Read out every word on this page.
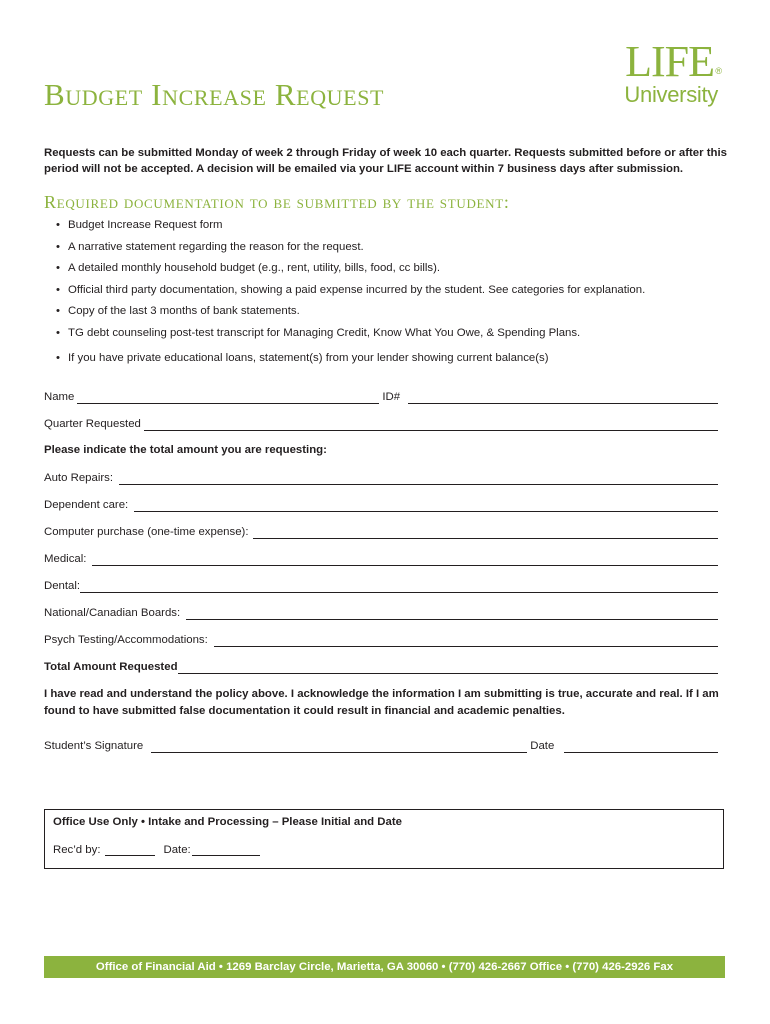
Budget Increase Request
LIFE ®
University

Requests can be submitted Monday of week 2 through Friday of week 10 each quarter. Requests submitted before or after this period will not be accepted. A decision will be emailed via your LIFE account within 7 business days after submission.

Required documentation to be submitted by the student:
• Budget Increase Request form
• A narrative statement regarding the reason for the request.
• A detailed monthly household budget (e.g., rent, utility, bills, food, cc bills).
• Official third party documentation, showing a paid expense incurred by the student. See categories for explanation.
• Copy of the last 3 months of bank statements.
• TG debt counseling post-test transcript for Managing Credit, Know What You Owe, & Spending Plans.
• If you have private educational loans, statement(s) from your lender showing current balance(s)
Name	ID#
Quarter Requested
Please indicate the total amount you are requesting:
Auto Repairs:
Dependent care:
Computer purchase (one-time expense):
Medical:
Dental:
National/Canadian Boards:
Psych Testing/Accommodations:
Total Amount Requested

I have read and understand the policy above. I acknowledge the information I am submitting is true, accurate and real. If I am found to have submitted false documentation it could result in financial and academic penalties.

Student’s Signature	Date
Office Use Only • Intake and Processing – Please Initial and Date
Rec’d by:	Date:
Office of Financial Aid • 1269 Barclay Circle, Marietta, GA 30060 • (770) 426-2667 Office • (770) 426-2926 Fax
